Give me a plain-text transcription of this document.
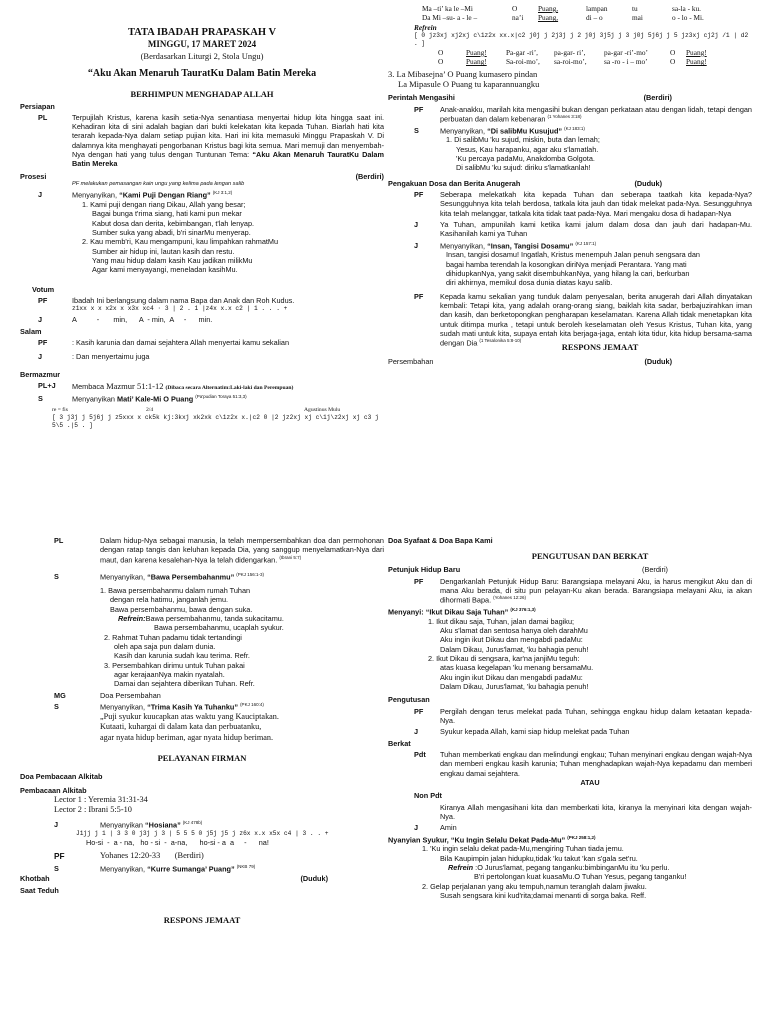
TATA IBADAH PRAPASKAH V
MINGGU, 17 MARET 2024
(Berdasarkan Liturgi 2, Stola Ungu)
“Aku Akan Menaruh TauratKu Dalam Batin Mereka
BERHIMPUN MENGHADAP ALLAH
Persiapan
PL	Terpujilah Kristus, karena kasih setia-Nya senantiasa menyertai hidup kita hingga saat ini. Kehadiran kita di sini adalah bagian dari bukti kelekatan kita kepada Tuhan. Biarlah hati kita terarah kepada-Nya dalam setiap pujian kita. Hari ini kita memasuki Minggu Prapaskah V. Di dalamnya kita menghayati pengorbanan Kristus bagi kita semua. Mari memuji dan menyembah-Nya dengan hati yang tulus dengan Tuntunan Tema: “Aku Akan Menaruh TauratKu Dalam Batin Mereka
Prosesi	(Berdiri)
PF melakukan pemasangan kain ungu yang kelima pada lengan salib
J	Menyanyikan, “Kami Puji Dengan Riang” $^{(KJ 3:1,2)}$
1. Kami puji dengan riang Dikau, Allah yang besar;
Bagai bunga t'rima siang, hati kami pun mekar
Kabut dosa dan derita, kebimbangan, t'lah lenyap.
Sumber suka yang abadi, b'ri sinarMu menyerap.
2. Kau memb'ri, Kau mengampuni, kau limpahkan rahmatMu
Sumber air hidup ini, lautan kasih dan restu.
Yang mau hidup dalam kasih Kau jadikan milikMu
Agar kami menyayangi, meneladan kasihMu.
Votum
PF	Ibadah Ini berlangsung dalam nama Bapa dan Anak dan Roh Kudus.
z1xx x x x2x x x3x xc4 · 3 | 2 . 1 |z4x x.x c2 | 1 . . . +
J	A          -       min,      A  - min,  A     -      min.
Salam
PF	: Kasih karunia dan damai sejahtera Allah menyertai kamu sekalian
J	: Dan menyertaimu juga
Bermazmur
PL+J	Membaca Mazmur 51:1-12 (Dibaca secara Alternatim:Laki-laki dan Perempuan)
S	Menyanyikan Mati’ Kale-Mi O Puang $^{(Pa'pudian Toraya 51:3,3)}$
re = fis	2/4	Agustinus Mulu
[ 3 j3j j 5j6j j z5xxx x ck5k kj:3kxj xk2xk c\1z2x x.|c2 0 |2 jz2xj xj c\1j\z2xj xj c3 j 5\5 .|5 . ]
Ma –ti’ ka le –Mi	O	Puang,	lampan	tu	sa-la - ku.
Da Mi –su- a - le –	na’i	Puang,	di – o	mai	o - lo - Mi.
Refrein
[ 0 jz3xj xj2xj c\1z2x xx.x|c2 j0j j 2j3j j 2 j0j 3j5j j 3 j0j 5j6j j 5 jz3xj cj2j /1 | d2 . ]
O	Puang!	Pa-gar -ri’,	pa-gar- ri’,	pa-gar -ri’-mo’	O	Puang!
O	Puang!	Sa-roi-mo’,	sa-roi-mo’,	sa -ro - i – mo’	O	Puang!
3. La Mibasejna’ O Puang kumasero pindan
La Mipasule O Puang tu kaparannuangku
Perintah Mengasihi	(Berdiri)
PF	Anak-anakku, marilah kita mengasihi bukan dengan perkataan atau dengan lidah, tetapi dengan perbuatan dan dalam kebenaran $^{(1 Yohanes 3:18)}$
S	Menyanyikan, “Di salibMu Kusujud” $^{(KJ 183:1)}$
1. Di salibMu 'ku sujud, miskin, buta dan lemah;
Yesus, Kau harapanku, agar aku s'lamatlah.
'Ku percaya padaMu, Anakdomba Golgota.
Di salibMu 'ku sujud: diriku s'lamatkanlah!
Pengakuan Dosa dan Berita Anugerah	(Duduk)
PF	Seberapa melekatkah kita kepada Tuhan dan seberapa taatkah kita kepada-Nya? Sesungguhnya kita telah berdosa, tatkala kita jauh dan tidak melekat pada-Nya. Sesungguhnya kita telah melanggar, tatkala kita tidak taat pada-Nya. Mari mengaku dosa di hadapan-Nya
J	Ya Tuhan, ampunilah kami ketika kami jalum dalam dosa dan jauh dari hadapan-Mu. Kasihanilah kami ya Tuhan
J	Menyanyikan, “Insan, Tangisi Dosamu” $^{(KJ 157:1)}$
Insan, tangisi dosamu! Ingatlah, Kristus menempuh Jalan penuh sengsara dan
bagai hamba terendah la kosongkan diriNya menjadi Perantara. Yang mati
dihidupkanNya, yang sakit disembuhkanNya, yang hilang la cari, berkurban
diri akhirnya, memikul dosa dunia diatas kayu salib.
PF	Kepada kamu sekalian yang tunduk dalam penyesalan, berita anugerah dari Allah dinyatakan kembali: Tetapi kita, yang adalah orang-orang siang, baiklah kita sadar, berbajuzirahkan iman dan kasih, dan berketopongkan pengharapan keselamatan. Karena Allah tidak menetapkan kita untuk ditimpa murka , tetapi untuk beroleh keselamatan oleh Yesus Kristus, Tuhan kita, yang sudah mati untuk kita, supaya entah kita berjaga-jaga, entah kita tidur, kita hidup bersama-sama dengan Dia $^{(1 Tesalonika 5:8-10)}$
RESPONS JEMAAT
Persembahan	(Duduk)
PL	Dalam hidup-Nya sebagai manusia, la telah mempersembahkan doa dan permohonan dengan ratap tangis dan keluhan kepada Dia, yang sanggup menyelamatkan-Nya dari maut, dan karena kesalehan-Nya la telah didengarkan. $^{(Ibrani 5:7)}$
S	Menyanyikan, “Bawa Persembahanmu” $^{(PKJ 156:1-3)}$
1. Bawa persembahanmu dalam rumah Tuhan
dengan rela hatimu, janganlah jemu.
Bawa persembahanmu, bawa dengan suka.
Refrein:Bawa persembahanmu, tanda sukacitamu.
Bawa persembahanmu, ucaplah syukur.
2. Rahmat Tuhan padamu tidak tertandingi
oleh apa saja pun dalam dunia.
Kasih dan karunia sudah kau terima. Refr.
3. Persembahkan dirimu untuk Tuhan pakai
agar kerajaanNya makin nyatalah.
Damai dan sejahtera diberikan Tuhan. Refr.
MG	Doa Persembahan
S	Menyanyikan, “Trima Kasih Ya Tuhanku” $^{(PKJ 160:4)}$
„Puji syukur kuucapkan atas waktu yang Kauciptakan.
Kutaati, kuhargai di dalam kata dan perbuatanku,
agar nyata hidup beriman, agar nyata hidup beriman.
PELAYANAN FIRMAN
Doa Pembacaan Alkitab
Pembacaan Alkitab
Lector 1 : Yeremia 31:31-34
Lector 2 : Ibrani 5:5-10
J	Menyanyikan “Hosiana” $^{(KJ 478b)}$
J1jj j 1 | 3 3 0 j3j j 3 | 5 5 5 0 j5j j5 j z6x x.x x5x c4 | 3 . . +
Ho-si  -  a - na,   ho - si  -  a-na,      ho-si - a  a     -      na!
PF	Yohanes 12:20-33 (Berdiri)
S	Menyanyikan, “Kurre Sumanga’ Puang” $^{(NKB 79)}$
Khotbah	(Duduk)
Saat Teduh
RESPONS JEMAAT
Doa Syafaat & Doa Bapa Kami
PENGUTUSAN DAN BERKAT
Petunjuk Hidup Baru	(Berdiri)
PF	Dengarkanlah Petunjuk Hidup Baru: Barangsiapa melayani Aku, ia harus mengikut Aku dan di mana Aku berada, di situ pun pelayan-Ku akan berada. Barangsiapa melayani Aku, ia akan dihormati Bapa. $^{(Yohanes 12:26)}$
Menyanyi: “Ikut Dikau Saja Tuhan” $^{(KJ 376:1,3)}$
1. Ikut dikau saja, Tuhan, jalan damai bagiku;
Aku s'lamat dan sentosa hanya oleh darahMu
Aku ingin ikut Dikau dan mengabdi padaMu:
Dalam Dikau, Jurus'lamat, 'ku bahagia penuh!
2. Ikut Dikau di sengsara, kar'na janjiMu teguh:
atas kuasa kegelapan 'ku menang bersamaMu.
Aku ingin ikut Dikau dan mengabdi padaMu:
Dalam Dikau, Jurus'lamat, 'ku bahagia penuh!
Pengutusan
PF	Pergilah dengan terus melekat pada Tuhan, sehingga engkau hidup dalam ketaatan kepada-Nya.
J	Syukur kepada Allah, kami siap hidup melekat pada Tuhan
Berkat
Pdt	Tuhan memberkati engkau dan melindungi engkau; Tuhan menyinari engkau dengan wajah-Nya dan memberi engkau kasih karunia; Tuhan menghadapkan wajah-Nya kepadamu dan memberi engkau damai sejahtera.
ATAU
Non Pdt
Kiranya Allah mengasihani kita dan memberkati kita, kiranya la menyinari kita dengan wajah-Nya.
J	Amin
Nyanyian Syukur, “Ku Ingin Selalu Dekat Pada-Mu” $^{(PKJ 258:1,2)}$
1. 'Ku ingin selalu dekat pada-Mu,mengiring Tuhan tiada jemu.
Bila Kaupimpin jalan hidupku,tidak 'ku takut 'kan s'gala set'ru.
Refrein :O Jurus'lamat, pegang tanganku:bimbinganMu itu 'ku perlu.
B'ri pertolongan kuat kuasaMu.O Tuhan Yesus, pegang tanganku!
2. Gelap perjalanan yang aku tempuh,namun teranglah dalam jiwaku.
Susah sengsara kini kud'rita;damai menanti di sorga baka. Reff.
